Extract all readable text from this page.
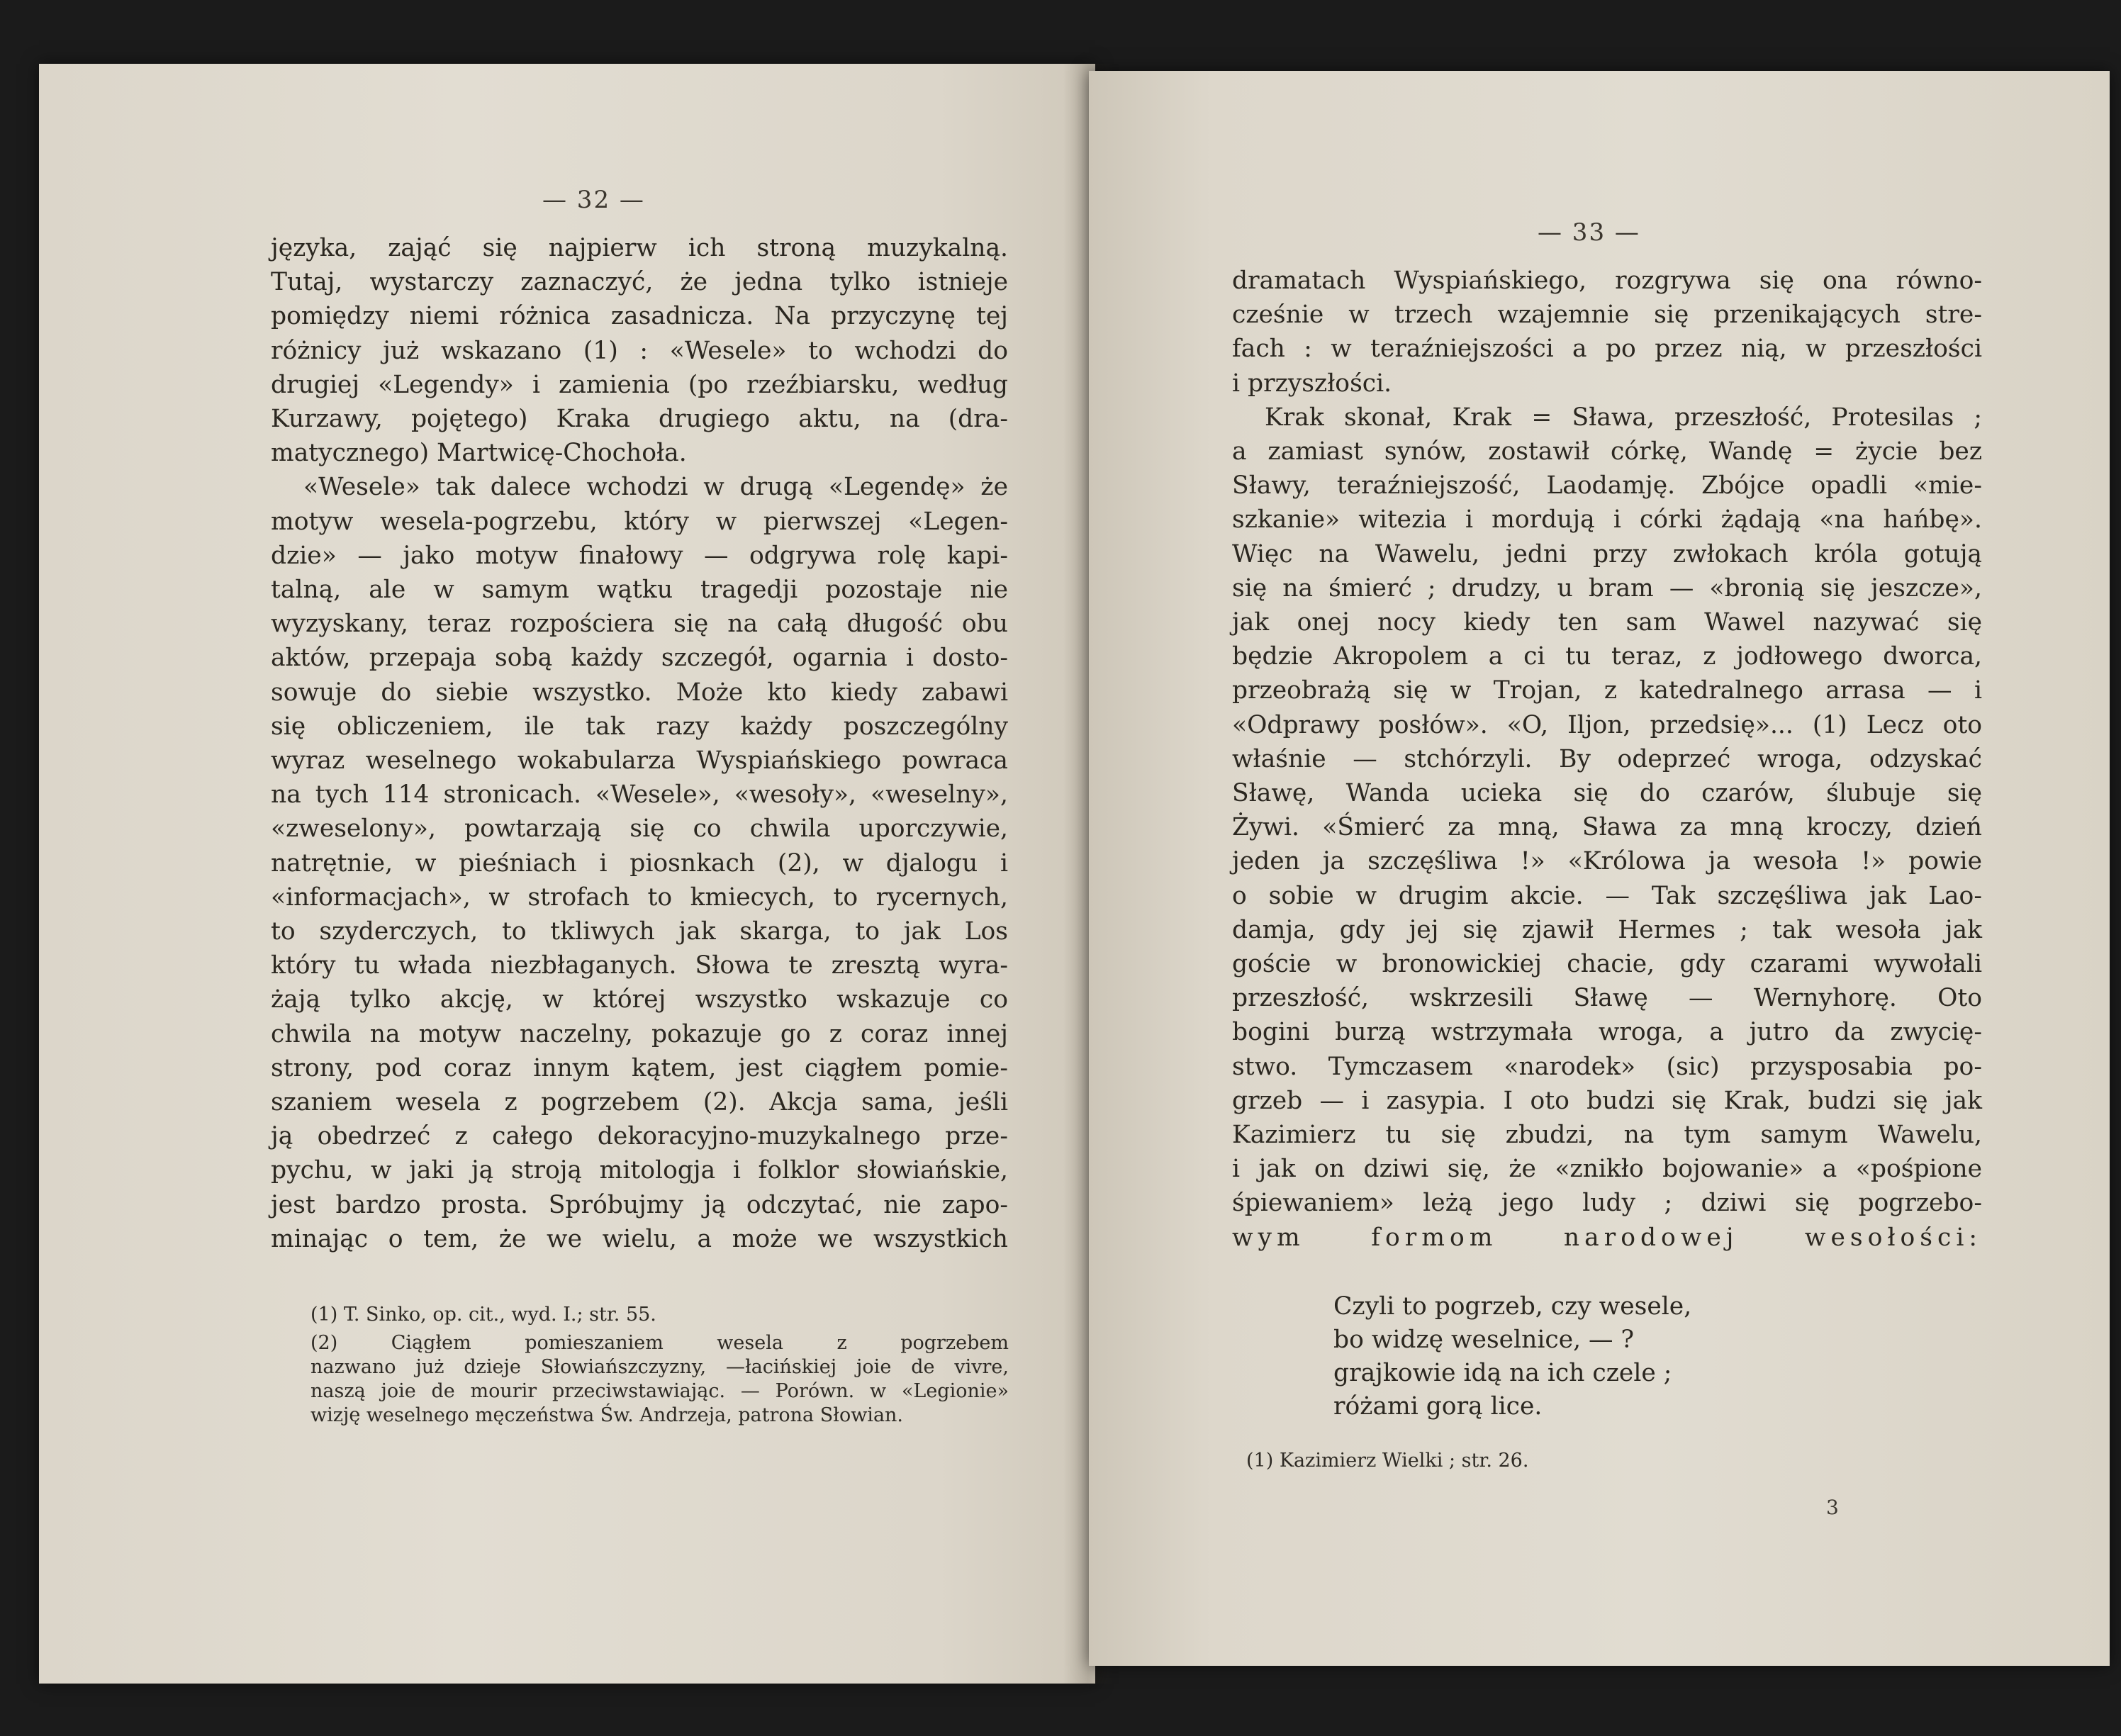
— 32 —
języka, zająć się najpierw ich stroną muzykalną.
Tutaj, wystarczy zaznaczyć, że jedna tylko istnieje
pomiędzy niemi różnica zasadnicza. Na przyczynę tej
różnicy już wskazano (1) : «Wesele» to wchodzi do
drugiej «Legendy» i zamienia (po rzeźbiarsku, według
Kurzawy, pojętego) Kraka drugiego aktu, na (dra-
matycznego) Martwicę-Chochoła.
«Wesele» tak dalece wchodzi w drugą «Legendę» że
motyw wesela-pogrzebu, który w pierwszej «Legen-
dzie» — jako motyw finałowy — odgrywa rolę kapi-
talną, ale w samym wątku tragedji pozostaje nie
wyzyskany, teraz rozpościera się na całą długość obu
aktów, przepaja sobą każdy szczegół, ogarnia i dosto-
sowuje do siebie wszystko. Może kto kiedy zabawi
się obliczeniem, ile tak razy każdy poszczególny
wyraz weselnego wokabularza Wyspiańskiego powraca
na tych 114 stronicach. «Wesele», «wesoły», «weselny»,
«zweselony», powtarzają się co chwila uporczywie,
natrętnie, w pieśniach i piosnkach (2), w djalogu i
«informacjach», w strofach to kmiecych, to rycernych,
to szyderczych, to tkliwych jak skarga, to jak Los
który tu włada niezbłaganych. Słowa te zresztą wyra-
żają tylko akcję, w której wszystko wskazuje co
chwila na motyw naczelny, pokazuje go z coraz innej
strony, pod coraz innym kątem, jest ciągłem pomie-
szaniem wesela z pogrzebem (2). Akcja sama, jeśli
ją obedrzeć z całego dekoracyjno-muzykalnego prze-
pychu, w jaki ją stroją mitologja i folklor słowiańskie,
jest bardzo prosta. Spróbujmy ją odczytać, nie zapo-
minając o tem, że we wielu, a może we wszystkich
(1) T. Sinko, op. cit., wyd. I.; str. 55.
(2) Ciągłem pomieszaniem wesela z pogrzebem
nazwano już dzieje Słowiańszczyzny, —łacińskiej joie de vivre,
naszą joie de mourir przeciwstawiając. — Porówn. w «Legionie»
wizję weselnego męczeństwa Św. Andrzeja, patrona Słowian.
— 33 —
dramatach Wyspiańskiego, rozgrywa się ona równo-
cześnie w trzech wzajemnie się przenikających stre-
fach : w teraźniejszości a po przez nią, w przeszłości
i przyszłości.
Krak skonał, Krak = Sława, przeszłość, Protesilas ;
a zamiast synów, zostawił córkę, Wandę = życie bez
Sławy, teraźniejszość, Laodamję. Zbójce opadli «mie-
szkanie» witezia i mordują i córki żądają «na hańbę».
Więc na Wawelu, jedni przy zwłokach króla gotują
się na śmierć ; drudzy, u bram — «bronią się jeszcze»,
jak onej nocy kiedy ten sam Wawel nazywać się
będzie Akropolem a ci tu teraz, z jodłowego dworca,
przeobrażą się w Trojan, z katedralnego arrasa — i
«Odprawy posłów». «O, Iljon, przedsię»... (1) Lecz oto
właśnie — stchórzyli. By odeprzeć wroga, odzyskać
Sławę, Wanda ucieka się do czarów, ślubuje się
Żywi. «Śmierć za mną, Sława za mną kroczy, dzień
jeden ja szczęśliwa !» «Królowa ja wesoła !» powie
o sobie w drugim akcie. — Tak szczęśliwa jak Lao-
damja, gdy jej się zjawił Hermes ; tak wesoła jak
goście w bronowickiej chacie, gdy czarami wywołali
przeszłość, wskrzesili Sławę — Wernyhorę. Oto
bogini burzą wstrzymała wroga, a jutro da zwycię-
stwo. Tymczasem «narodek» (sic) przysposabia po-
grzeb — i zasypia. I oto budzi się Krak, budzi się jak
Kazimierz tu się zbudzi, na tym samym Wawelu,
i jak on dziwi się, że «znikło bojowanie» a «pośpione
śpiewaniem» leżą jego ludy ; dziwi się pogrzebo-
wym formom narodowej wesołości:
Czyli to pogrzeb, czy wesele,
bo widzę weselnice, — ?
grajkowie idą na ich czele ;
różami gorą lice.
(1) Kazimierz Wielki ; str. 26.
3
